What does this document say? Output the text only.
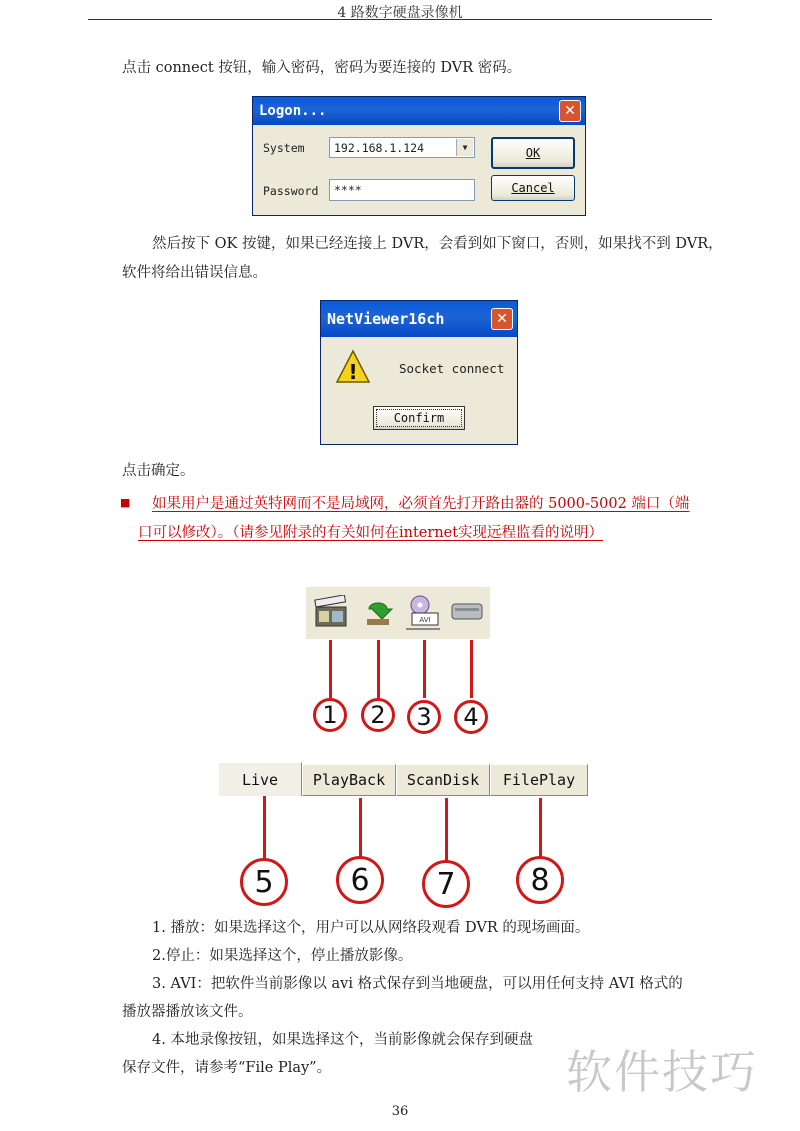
4 路数字硬盘录像机
点击 connect 按钮，输入密码，密码为要连接的 DVR 密码。
Logon...	✕
System	192.168.1.124	▼
Password ****
OK
Cancel
然后按下 OK 按键，如果已经连接上 DVR，会看到如下窗口，否则，如果找不到 DVR，
软件将给出错误信息。
NetViewer16ch	✕
!	Socket connect
Confirm
点击确定。
■ 如果用户是通过英特网而不是局域网，必须首先打开路由器的 5000-5002 端口（端
口可以修改）。（请参见附录的有关如何在internet实现远程监看的说明）
AVI
1	2	3	4
Live PlayBack ScanDisk FilePlay
5	6	7	8
1. 播放：如果选择这个，用户可以从网络段观看 DVR 的现场画面。
2.停止：如果选择这个，停止播放影像。
3. AVI：把软件当前影像以 avi 格式保存到当地硬盘，可以用任何支持 AVI 格式的
播放器播放该文件。
4. 本地录像按钮，如果选择这个，当前影像就会保存到硬盘
保存文件，请参考“File Play”。	软件技巧
36
